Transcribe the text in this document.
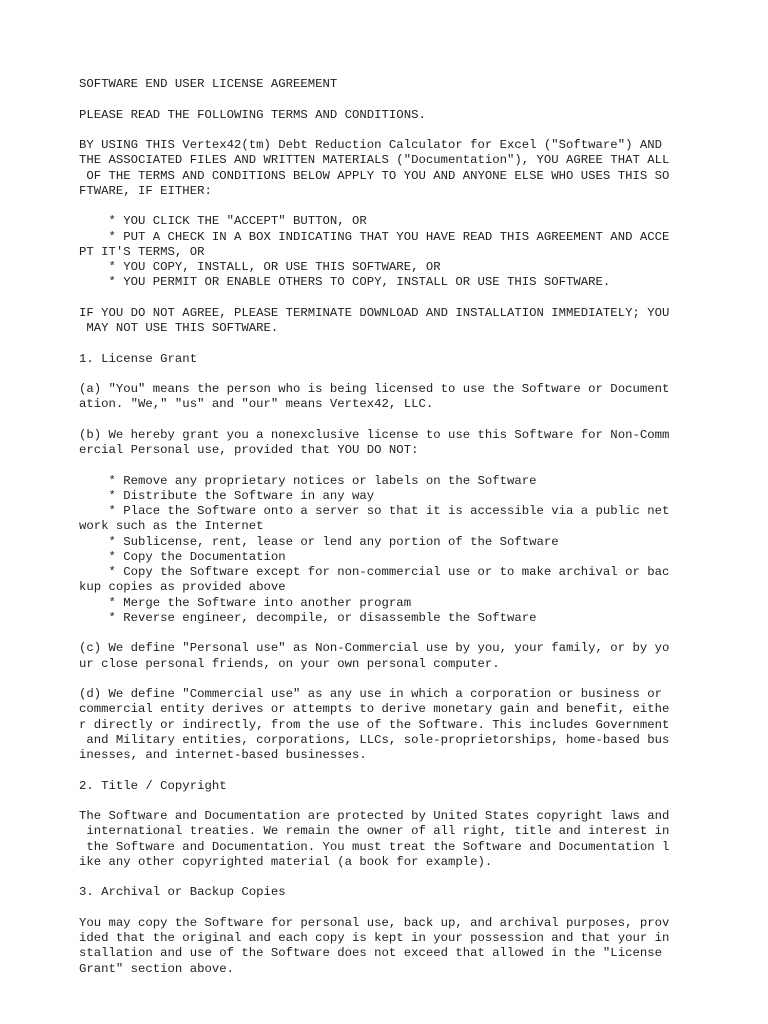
SOFTWARE END USER LICENSE AGREEMENT
PLEASE READ THE FOLLOWING TERMS AND CONDITIONS.
BY USING THIS Vertex42(tm) Debt Reduction Calculator for Excel ("Software") AND
THE ASSOCIATED FILES AND WRITTEN MATERIALS ("Documentation"), YOU AGREE THAT ALL
OF THE TERMS AND CONDITIONS BELOW APPLY TO YOU AND ANYONE ELSE WHO USES THIS SO
FTWARE, IF EITHER:
* YOU CLICK THE "ACCEPT" BUTTON, OR
* PUT A CHECK IN A BOX INDICATING THAT YOU HAVE READ THIS AGREEMENT AND ACCE
PT IT'S TERMS, OR
* YOU COPY, INSTALL, OR USE THIS SOFTWARE, OR
* YOU PERMIT OR ENABLE OTHERS TO COPY, INSTALL OR USE THIS SOFTWARE.
IF YOU DO NOT AGREE, PLEASE TERMINATE DOWNLOAD AND INSTALLATION IMMEDIATELY; YOU
MAY NOT USE THIS SOFTWARE.
1. License Grant
(a) "You" means the person who is being licensed to use the Software or Document
ation. "We," "us" and "our" means Vertex42, LLC.
(b) We hereby grant you a nonexclusive license to use this Software for Non-Comm
ercial Personal use, provided that YOU DO NOT:
* Remove any proprietary notices or labels on the Software
* Distribute the Software in any way
* Place the Software onto a server so that it is accessible via a public net
work such as the Internet
* Sublicense, rent, lease or lend any portion of the Software
* Copy the Documentation
* Copy the Software except for non-commercial use or to make archival or bac
kup copies as provided above
* Merge the Software into another program
* Reverse engineer, decompile, or disassemble the Software
(c) We define "Personal use" as Non-Commercial use by you, your family, or by yo
ur close personal friends, on your own personal computer.
(d) We define "Commercial use" as any use in which a corporation or business or
commercial entity derives or attempts to derive monetary gain and benefit, eithe
r directly or indirectly, from the use of the Software. This includes Government
and Military entities, corporations, LLCs, sole-proprietorships, home-based bus
inesses, and internet-based businesses.
2. Title / Copyright
The Software and Documentation are protected by United States copyright laws and
international treaties. We remain the owner of all right, title and interest in
the Software and Documentation. You must treat the Software and Documentation l
ike any other copyrighted material (a book for example).
3. Archival or Backup Copies
You may copy the Software for personal use, back up, and archival purposes, prov
ided that the original and each copy is kept in your possession and that your in
stallation and use of the Software does not exceed that allowed in the "License
Grant" section above.
